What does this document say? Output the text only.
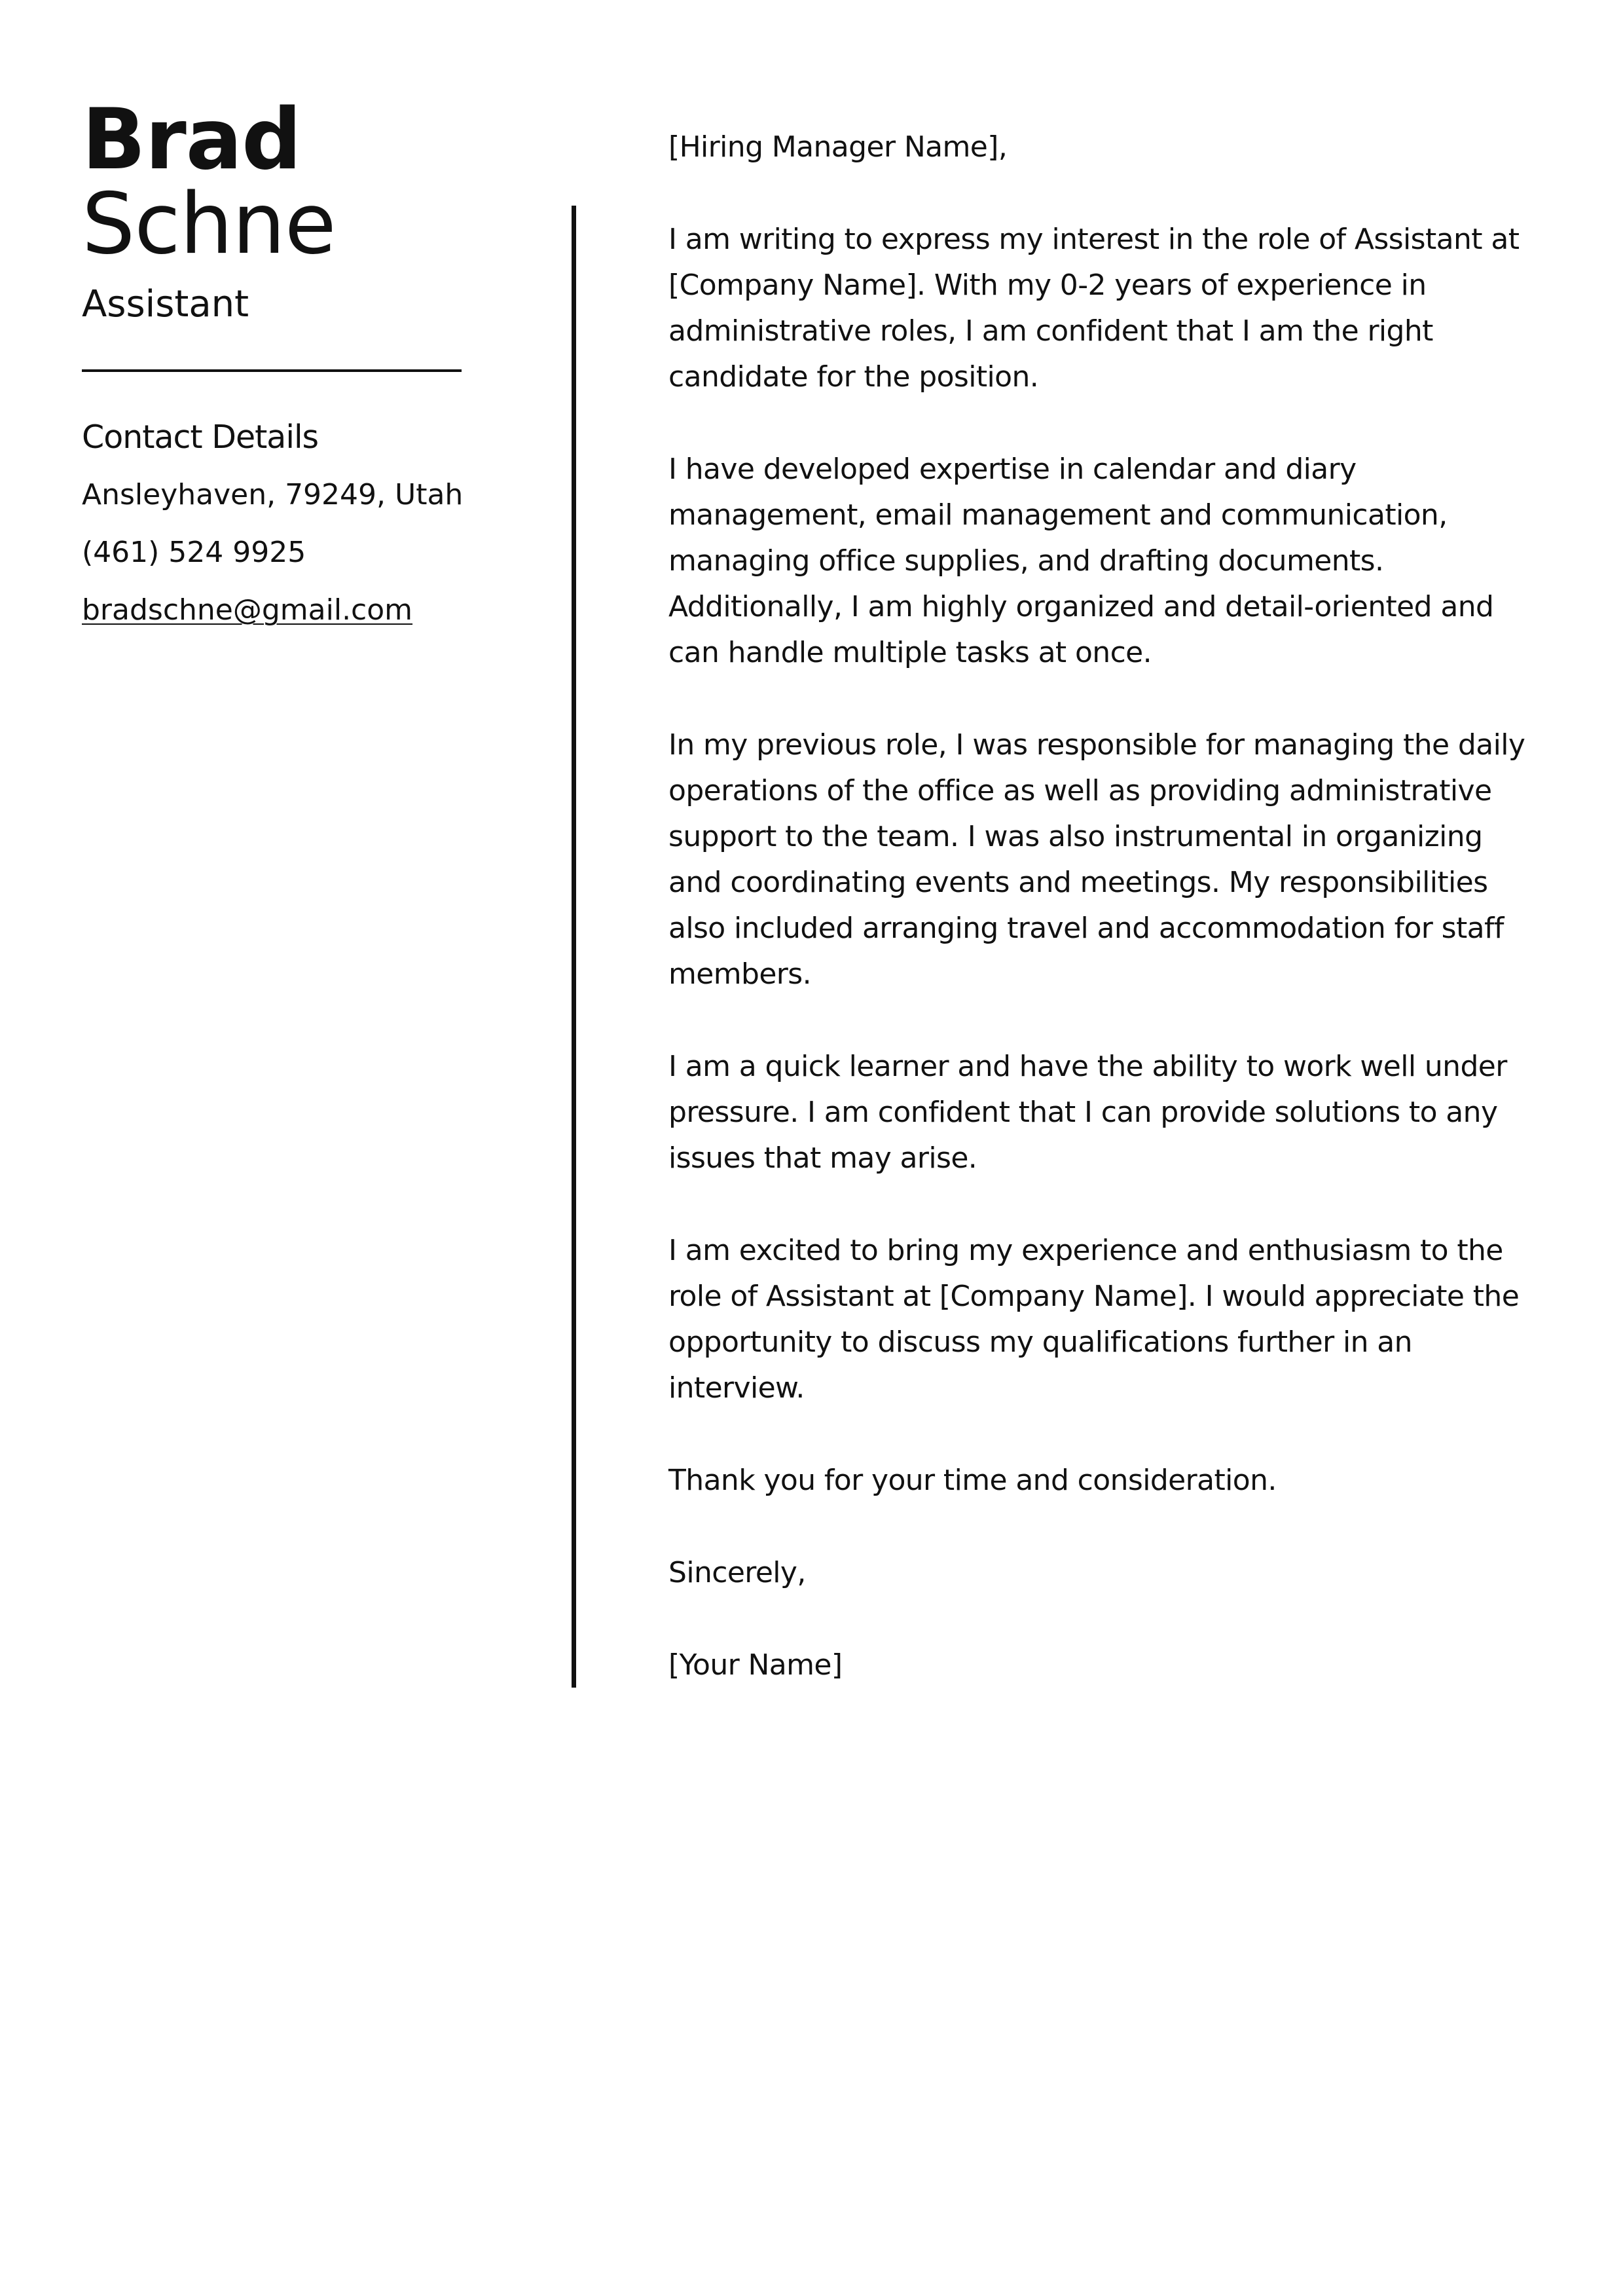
Brad
Schne
Assistant
Contact Details
Ansleyhaven, 79249, Utah
(461) 524 9925
bradschne@gmail.com

[Hiring Manager Name],

I am writing to express my interest in the role of Assistant at [Company Name]. With my 0-2 years of experience in administrative roles, I am confident that I am the right candidate for the position.

I have developed expertise in calendar and diary management, email management and communication, managing office supplies, and drafting documents. Additionally, I am highly organized and detail-oriented and can handle multiple tasks at once.

In my previous role, I was responsible for managing the daily operations of the office as well as providing administrative support to the team. I was also instrumental in organizing and coordinating events and meetings. My responsibilities also included arranging travel and accommodation for staff members.

I am a quick learner and have the ability to work well under pressure. I am confident that I can provide solutions to any issues that may arise.

I am excited to bring my experience and enthusiasm to the role of Assistant at [Company Name]. I would appreciate the opportunity to discuss my qualifications further in an interview.

Thank you for your time and consideration.

Sincerely,

[Your Name]
